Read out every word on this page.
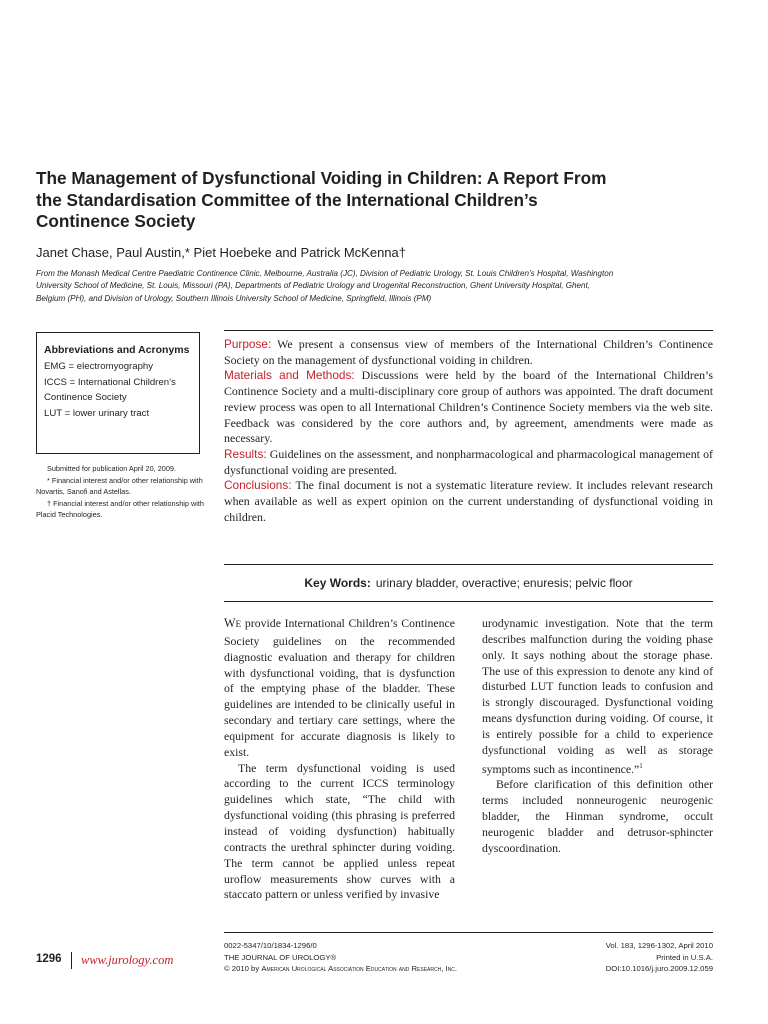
The Management of Dysfunctional Voiding in Children: A Report From the Standardisation Committee of the International Children’s Continence Society
Janet Chase, Paul Austin,* Piet Hoebeke and Patrick McKenna†
From the Monash Medical Centre Paediatric Continence Clinic, Melbourne, Australia (JC), Division of Pediatric Urology, St. Louis Children’s Hospital, Washington University School of Medicine, St. Louis, Missouri (PA), Departments of Pediatric Urology and Urogenital Reconstruction, Ghent University Hospital, Ghent, Belgium (PH), and Division of Urology, Southern Illinois University School of Medicine, Springfield, Illinois (PM)
Abbreviations and Acronyms
EMG = electromyography
ICCS = International Children’s Continence Society
LUT = lower urinary tract

Submitted for publication April 20, 2009.

* Financial interest and/or other relationship with Novartis, Sanofi and Astellas.

† Financial interest and/or other relationship with Placid Technologies.

Purpose: We present a consensus view of members of the International Children’s Continence Society on the management of dysfunctional voiding in children.

Materials and Methods: Discussions were held by the board of the International Children’s Continence Society and a multi-disciplinary core group of authors was appointed. The draft document review process was open to all International Children’s Continence Society members via the web site. Feedback was considered by the core authors and, by agreement, amendments were made as necessary.

Results: Guidelines on the assessment, and nonpharmacological and pharmacological management of dysfunctional voiding are presented.

Conclusions: The final document is not a systematic literature review. It includes relevant research when available as well as expert opinion on the current understanding of dysfunctional voiding in children.

Key Words: urinary bladder, overactive; enuresis; pelvic floor

WE provide International Children’s Continence Society guidelines on the recommended diagnostic evaluation and therapy for children with dysfunctional voiding, that is dysfunction of the emptying phase of the bladder. These guidelines are intended to be clinically useful in secondary and tertiary care settings, where the equipment for accurate diagnosis is likely to exist.

The term dysfunctional voiding is used according to the current ICCS terminology guidelines which state, “The child with dysfunctional voiding (this phrasing is preferred instead of voiding dysfunction) habitually contracts the urethral sphincter during voiding. The term cannot be applied unless repeat uroflow measurements show curves with a staccato pattern or unless verified by invasive

urodynamic investigation. Note that the term describes malfunction during the voiding phase only. It says nothing about the storage phase. The use of this expression to denote any kind of disturbed LUT function leads to confusion and is strongly discouraged. Dysfunctional voiding means dysfunction during voiding. Of course, it is entirely possible for a child to experience dysfunctional voiding as well as storage symptoms such as incontinence.”$^1$

Before clarification of this definition other terms included nonneurogenic neurogenic bladder, the Hinman syndrome, occult neurogenic bladder and detrusor-sphincter dyscoordination.

1296 www.jurology.com
0022-5347/10/1834-1296/0
THE JOURNAL OF UROLOGY®
© 2010 by American Urological Association Education and Research, Inc.
Vol. 183, 1296-1302, April 2010
Printed in U.S.A.
DOI:10.1016/j.juro.2009.12.059
